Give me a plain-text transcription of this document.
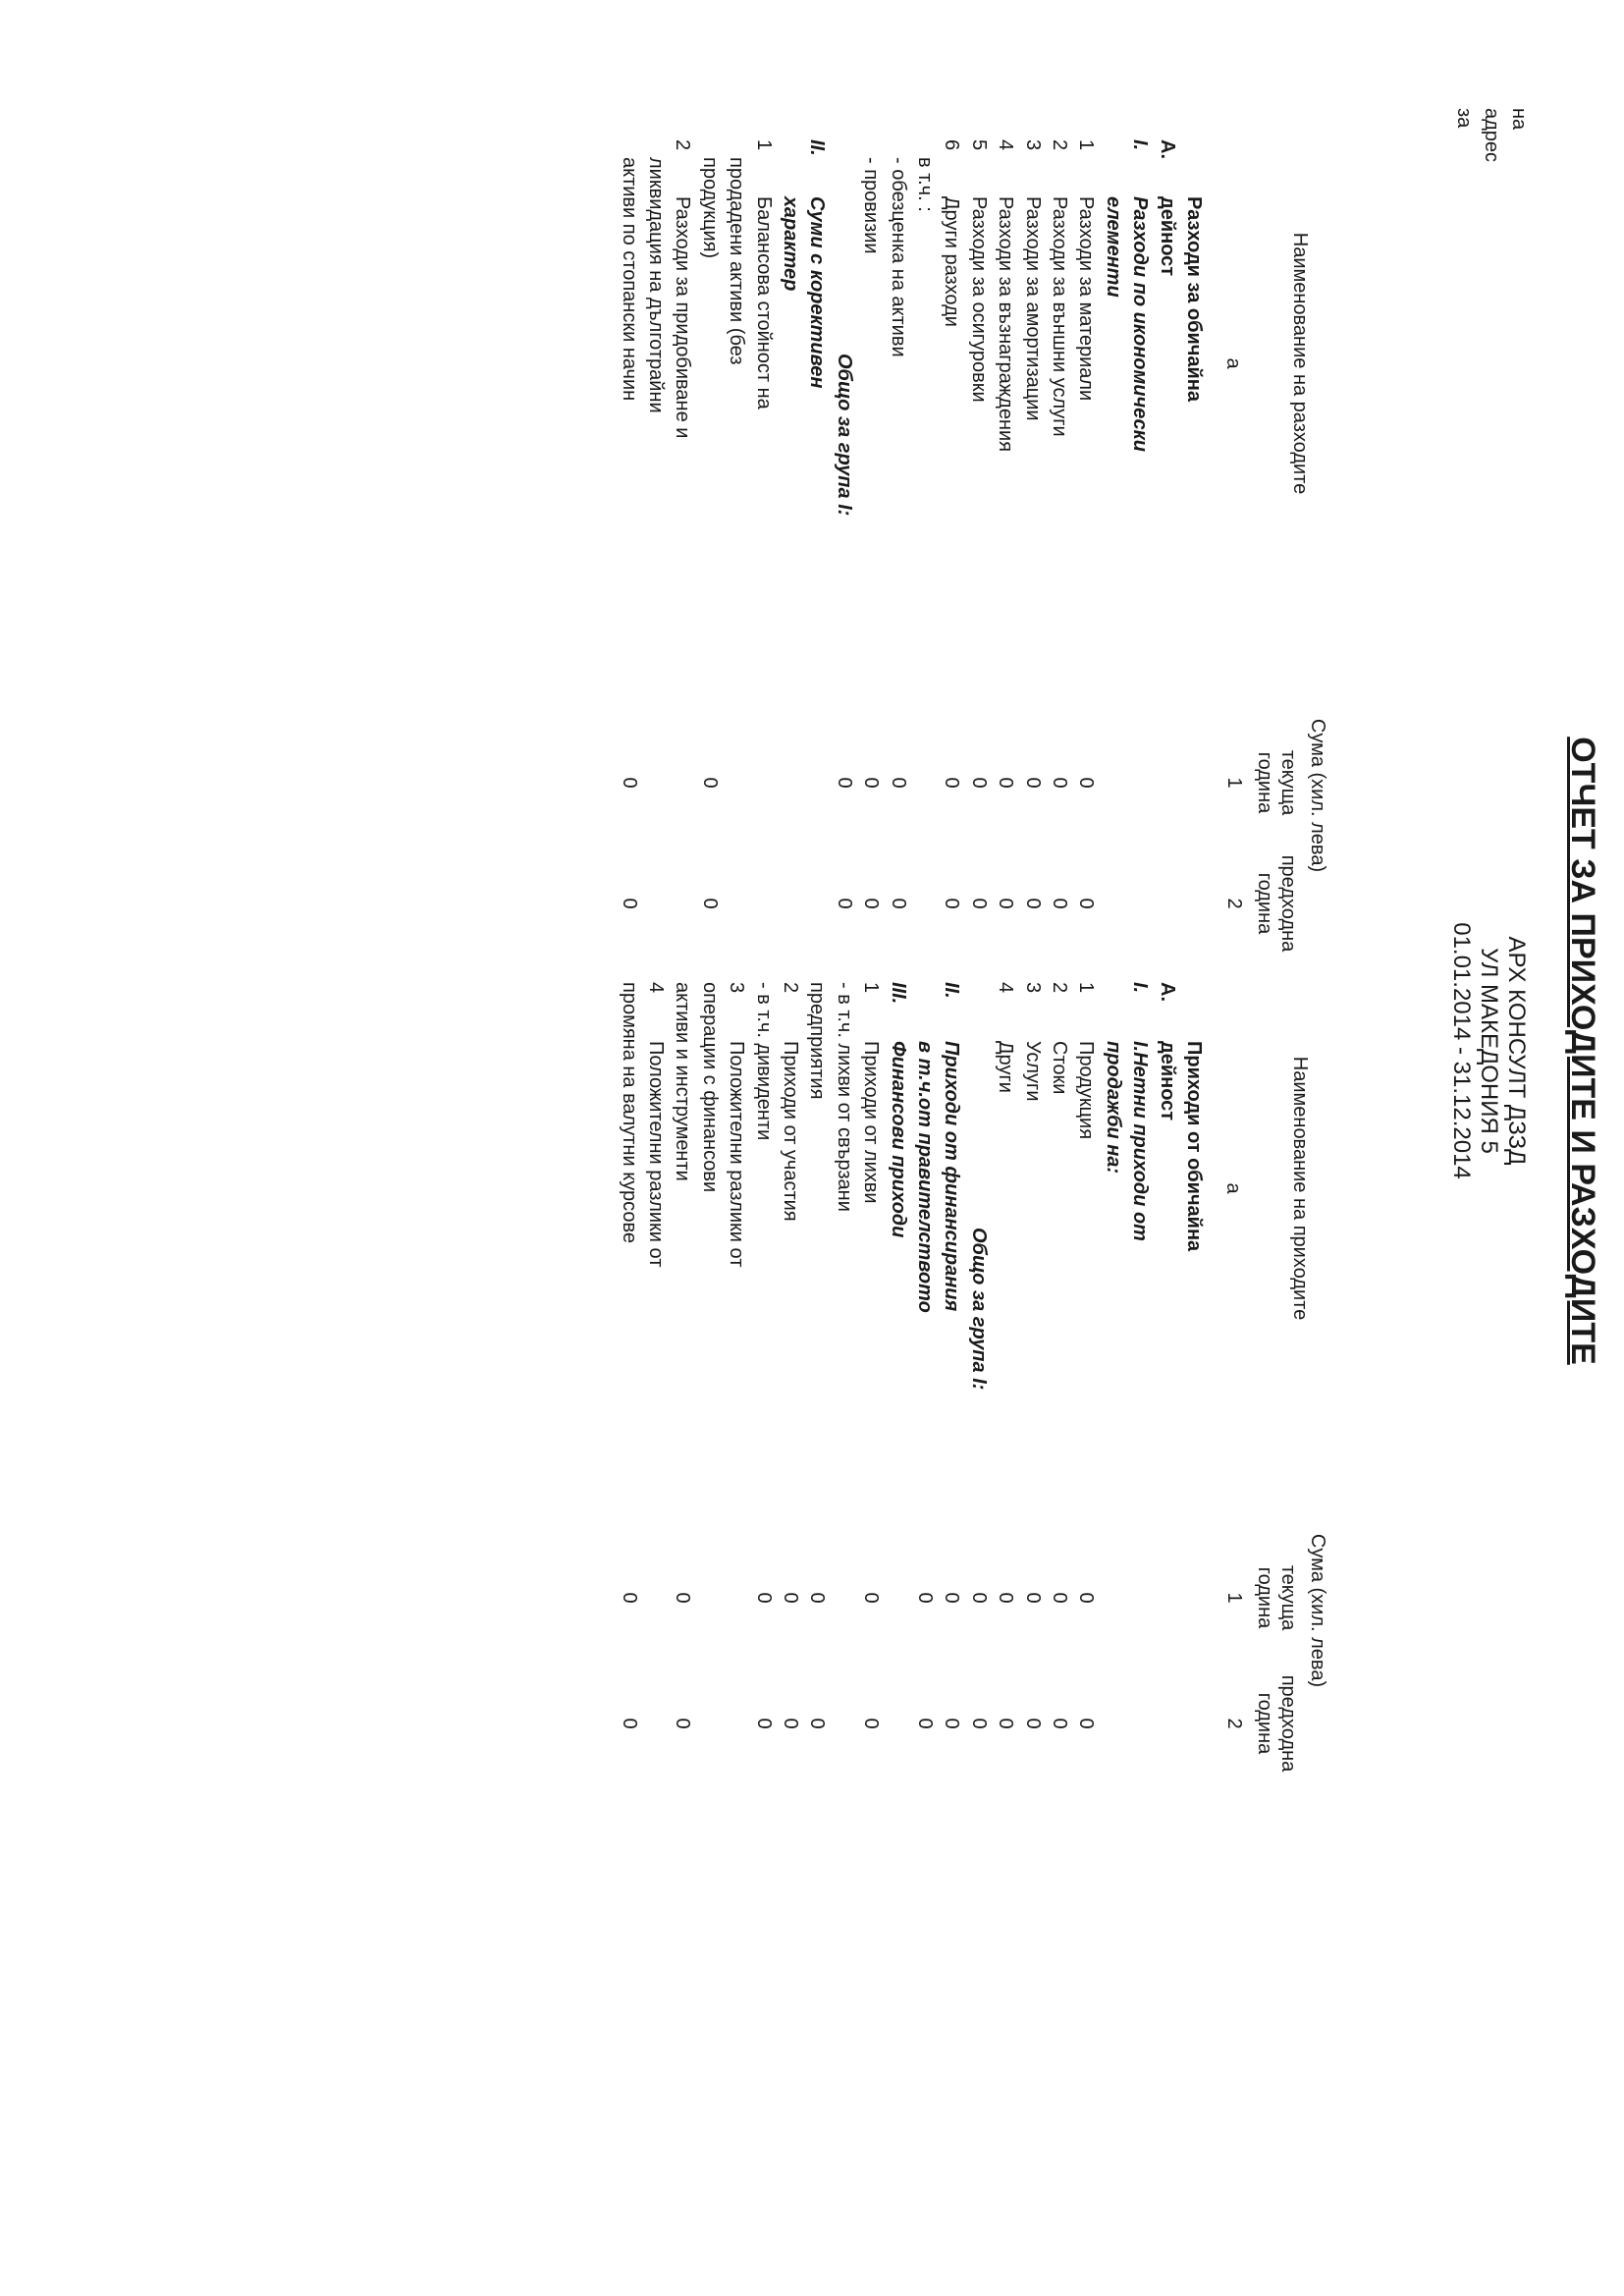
на
адрес
за
ОТЧЕТ ЗА ПРИХОДИТЕ И РАЗХОДИТЕ
АРХ КОНСУЛТ ДЗЗД
УЛ МАКЕДОНИЯ 5
01.01.2014 - 31.12.2014
Наименование на разходите
а
Сума (хил. лева)
текуща година
предходна година
1
2
Наименование на приходите
а
Сума (хил. лева)
текуща година
предходна година
1
2
Разходи за обичайна
А.
дейност
I.
Разходи по икономически
елементи
1
Разходи за материали
0
0
2
Разходи за външни услуги
0
0
3
Разходи за амортизации
0
0
4
Разходи за възнаграждения
0
0
5
Разходи за осигуровки
0
0
6
Други разходи
0
0
в т.ч. :
- обезценка на активи
0
0
- провизии
0
0
Общо за група I:
0
0
II.
Суми с корективен
характер
1
Балансова стойност на
продадени активи (без
продукция)
0
0
2
Разходи за придобиване и
ликвидация на дълготрайни
активи по стопански начин
0
0
Приходи от обичайна
А.
дейност
I.
I.Нетни приходи от
продажби на:
1
Продукция
0
0
2
Стоки
0
0
3
Услуги
0
0
4
Други
0
0
Общо за група I:
0
0
II.
Приходи от финансирания
0
0
в т.ч.от правителството
0
0
III.
Финансови приходи
1
Приходи от лихви
0
0
- в т.ч. лихви от свързани
предприятия
0
0
2
Приходи от участия
0
0
- в т.ч. дивиденти
0
0
3
Положителни разлики от
операции с финансови
активи и инструменти
0
0
4
Положителни разлики от
промяна на валутни курсове
0
0
